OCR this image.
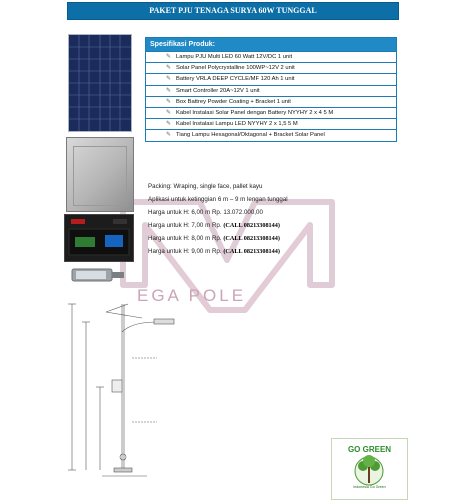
PAKET PJU TENAGA SURYA 60W TUNGGAL
EGA POLE
Spesifikasi Produk:
✎ Lampu PJU Multi LED 60 Watt 12V/DC 1 unit
✎ Solar Panel Polycrystalline 100WP~12V 2 unit
✎ Battery VRLA DEEP CYCLE/MF 120 Ah 1 unit
✎ Smart Controller 20A~12V 1 unit
✎ Box Battrey Powder Coating + Bracket 1 unit
✎ Kabel Instalasi Solar Panel dengan Battery NYYHY 2 x 4 5 M
✎ Kabel Instalasi Lampu LED NYYHY 2 x 1,5 5 M
✎ Tiang Lampu Hexagonal/Oktagonal + Bracket Solar Panel
Packing: Wraping, single face, pallet kayu
Aplikasi untuk ketinggian 6 m – 9 m lengan tunggal
Harga untuk H: 6,00 m Rp. 13.072.000,00
Harga untuk H: 7,00 m Rp. (CALL 08213308144)
Harga untuk H: 8,00 m Rp. (CALL 08213308144)
Harga untuk H: 9,00 m Rp. (CALL 08213308144)
GO GREEN
Indonesia Go Green
